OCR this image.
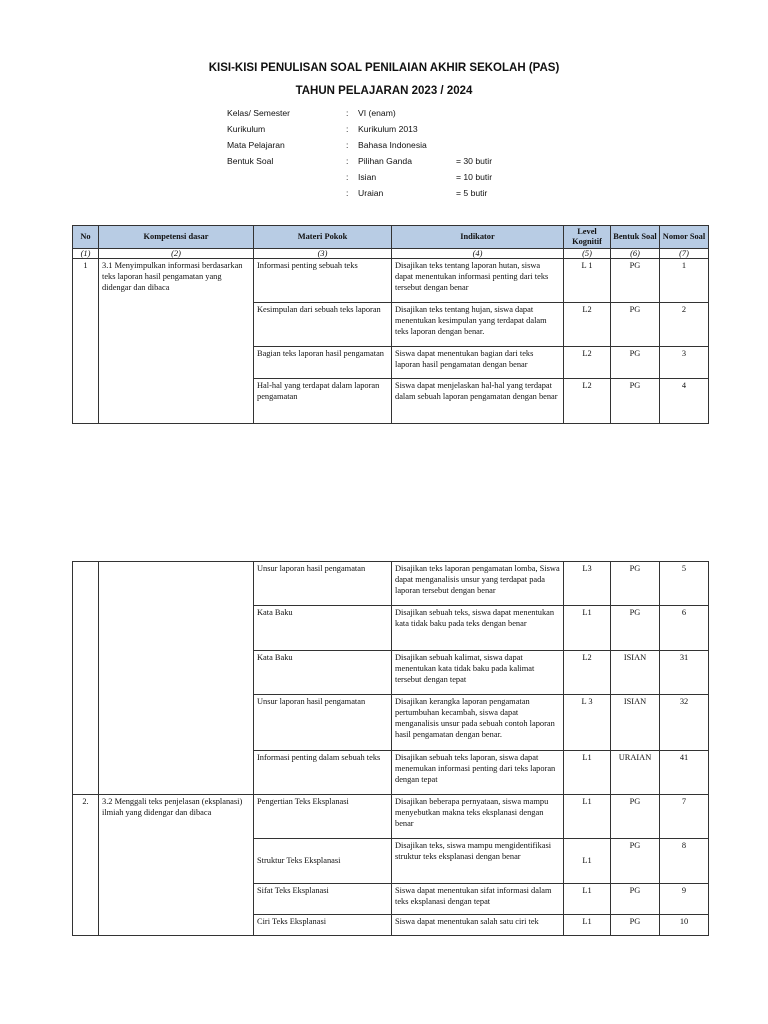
KISI-KISI PENULISAN SOAL PENILAIAN AKHIR SEKOLAH (PAS)
TAHUN PELAJARAN 2023 / 2024
Kelas/ Semester	: VI (enam)
Kurikulum	: Kurikulum 2013
Mata Pelajaran	: Bahasa Indonesia
Bentuk Soal	: Pilihan Ganda	= 30 butir
: Isian	= 10 butir
: Uraian	= 5 butir
No	Kompetensi dasar	Materi Pokok	Indikator	Level Kognitif	Bentuk Soal	Nomor Soal
(1)	(2)	(3)	(4)	(5)	(6)	(7)
1	3.1 Menyimpulkan informasi berdasarkan teks laporan hasil pengamatan yang didengar dan dibaca	Informasi penting sebuah teks	Disajikan teks tentang laporan hutan, siswa dapat menentukan informasi penting dari teks tersebut dengan benar	L 1	PG	1
		Kesimpulan dari sebuah teks laporan	Disajikan teks tentang hujan, siswa dapat menentukan kesimpulan yang terdapat dalam teks laporan dengan benar.	L2	PG	2
		Bagian teks laporan hasil pengamatan	Siswa dapat menentukan bagian dari teks laporan hasil pengamatan dengan benar	L2	PG	3
		Hal-hal yang terdapat dalam laporan pengamatan	Siswa dapat menjelaskan hal-hal yang terdapat dalam sebuah laporan pengamatan dengan benar	L2	PG	4
		Unsur laporan hasil pengamatan	Disajikan teks laporan pengamatan lomba, Siswa dapat menganalisis unsur yang terdapat pada laporan tersebut dengan benar	L3	PG	5
		Kata Baku	Disajikan sebuah teks, siswa dapat menentukan kata tidak baku pada teks dengan benar	L1	PG	6
		Kata Baku	Disajikan sebuah kalimat, siswa dapat menentukan kata tidak baku pada kalimat tersebut dengan tepat	L2	ISIAN	31
		Unsur laporan hasil pengamatan	Disajikan kerangka laporan pengamatan pertumbuhan kecambah, siswa dapat menganalisis unsur pada sebuah contoh laporan hasil pengamatan dengan benar.	L 3	ISIAN	32
		Informasi penting dalam sebuah teks	Disajikan sebuah teks laporan, siswa dapat menemukan informasi penting dari teks laporan dengan tepat	L1	URAIAN	41
2.	3.2 Menggali teks penjelasan (eksplanasi) ilmiah yang didengar dan dibaca	Pengertian Teks Eksplanasi	Disajikan beberapa pernyataan, siswa mampu menyebutkan makna teks eksplanasi dengan benar	L1	PG	7
		Struktur Teks Eksplanasi	Disajikan teks, siswa mampu mengidentifikasi struktur teks eksplanasi dengan benar	L1	PG	8
		Sifat Teks Eksplanasi	Siswa dapat menentukan sifat informasi dalam teks eksplanasi dengan tepat	L1	PG	9
		Ciri Teks Eksplanasi	Siswa dapat menentukan salah satu ciri tek	L1	PG	10
